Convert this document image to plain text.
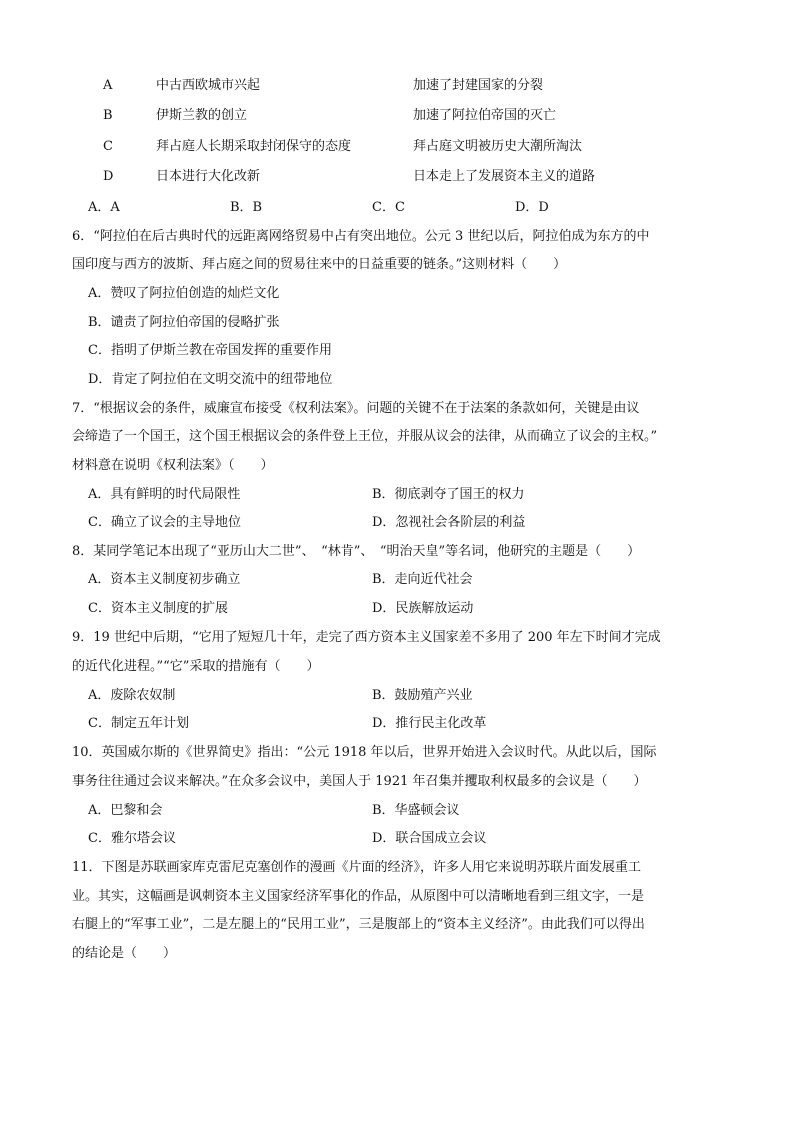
A	中古西欧城市兴起	加速了封建国家的分裂
B	伊斯兰教的创立	加速了阿拉伯帝国的灭亡
C	拜占庭人长期采取封闭保守的态度	拜占庭文明被历史大潮所淘汰
D	日本进行大化改新	日本走上了发展资本主义的道路
A．A	B．B	C．C	D．D
6．“阿拉伯在后古典时代的远距离网络贸易中占有突出地位。公元 3 世纪以后，阿拉伯成为东方的中
国印度与西方的波斯、拜占庭之间的贸易往来中的日益重要的链条。”这则材料（　　）
A．赞叹了阿拉伯创造的灿烂文化
B．谴责了阿拉伯帝国的侵略扩张
C．指明了伊斯兰教在帝国发挥的重要作用
D．肯定了阿拉伯在文明交流中的纽带地位
7．“根据议会的条件，威廉宣布接受《权利法案》。问题的关键不在于法案的条款如何，关键是由议
会缔造了一个国王，这个国王根据议会的条件登上王位，并服从议会的法律，从而确立了议会的主权。”
材料意在说明《权利法案》（　　）
A．具有鲜明的时代局限性	B．彻底剥夺了国王的权力
C．确立了议会的主导地位	D．忽视社会各阶层的利益
8．某同学笔记本出现了“亚历山大二世”、　“林肯”、　“明治天皇”等名词，他研究的主题是（　　）
A．资本主义制度初步确立	B．走向近代社会
C．资本主义制度的扩展	D．民族解放运动
9．19 世纪中后期，“它用了短短几十年，走完了西方资本主义国家差不多用了 200 年左下时间才完成
的近代化进程。”“它”采取的措施有（　　）
A．废除农奴制	B．鼓励殖产兴业
C．制定五年计划	D．推行民主化改革
10．英国威尔斯的《世界简史》指出：“公元 1918 年以后，世界开始进入会议时代。从此以后，国际
事务往往通过会议来解决。”在众多会议中，美国人于 1921 年召集并攫取利权最多的会议是（　　）
A．巴黎和会	B．华盛顿会议
C．雅尔塔会议	D．联合国成立会议
11．下图是苏联画家库克雷尼克塞创作的漫画《片面的经济》，许多人用它来说明苏联片面发展重工
业。其实，这幅画是讽刺资本主义国家经济军事化的作品，从原图中可以清晰地看到三组文字，一是
右腿上的“军事工业”，二是左腿上的“民用工业”，三是腹部上的“资本主义经济”。由此我们可以得出
的结论是（　　）
